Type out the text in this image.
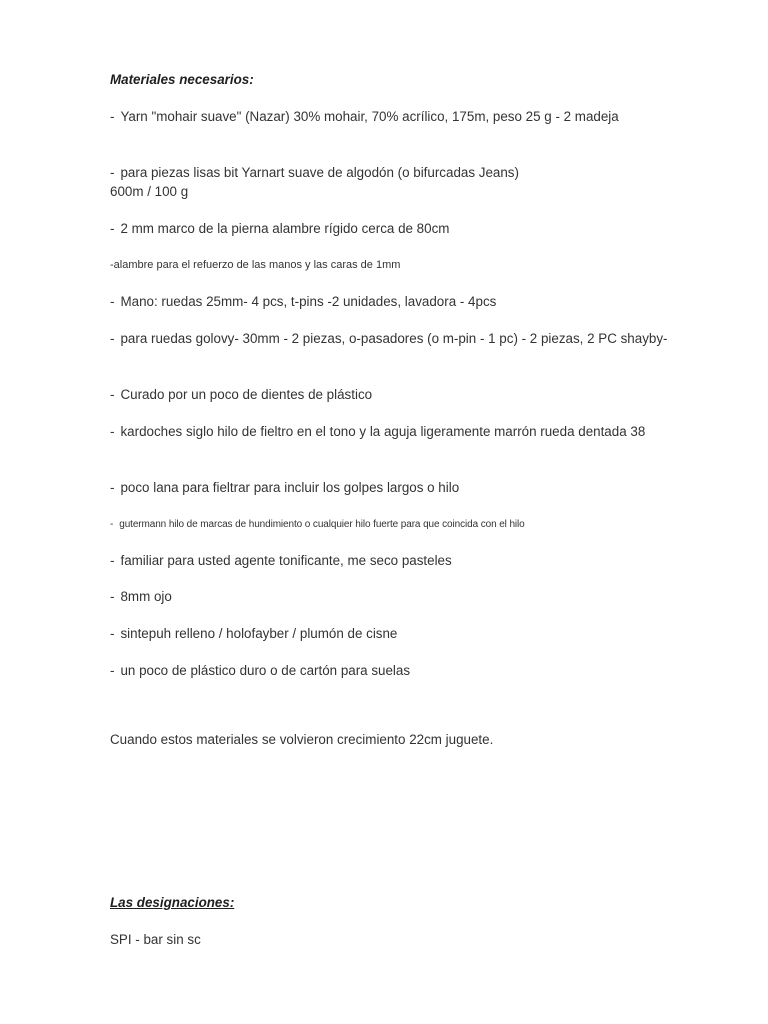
Materiales necesarios:
- Yarn "mohair suave" (Nazar) 30% mohair, 70% acrílico, 175m, peso 25 g - 2 madeja
- para piezas lisas bit Yarnart suave de algodón (o bifurcadas Jeans)
600m / 100 g
- 2 mm marco de la pierna alambre rígido cerca de 80cm
-alambre para el refuerzo de las manos y las caras de 1mm
- Mano: ruedas 25mm- 4 pcs, t-pins -2 unidades, lavadora - 4pcs
- para ruedas golovy- 30mm - 2 piezas, o-pasadores (o m-pin - 1 pc) - 2 piezas, 2 PC shayby-
- Curado por un poco de dientes de plástico
- kardoches siglo hilo de fieltro en el tono y la aguja ligeramente marrón rueda dentada 38
- poco lana para fieltrar para incluir los golpes largos o hilo
- gutermann hilo de marcas de hundimiento o cualquier hilo fuerte para que coincida con el hilo
- familiar para usted agente tonificante, me seco pasteles
- 8mm ojo
- sintepuh relleno / holofayber / plumón de cisne
- un poco de plástico duro o de cartón para suelas
Cuando estos materiales se volvieron crecimiento 22cm juguete.
Las designaciones:
SPI - bar sin sc
